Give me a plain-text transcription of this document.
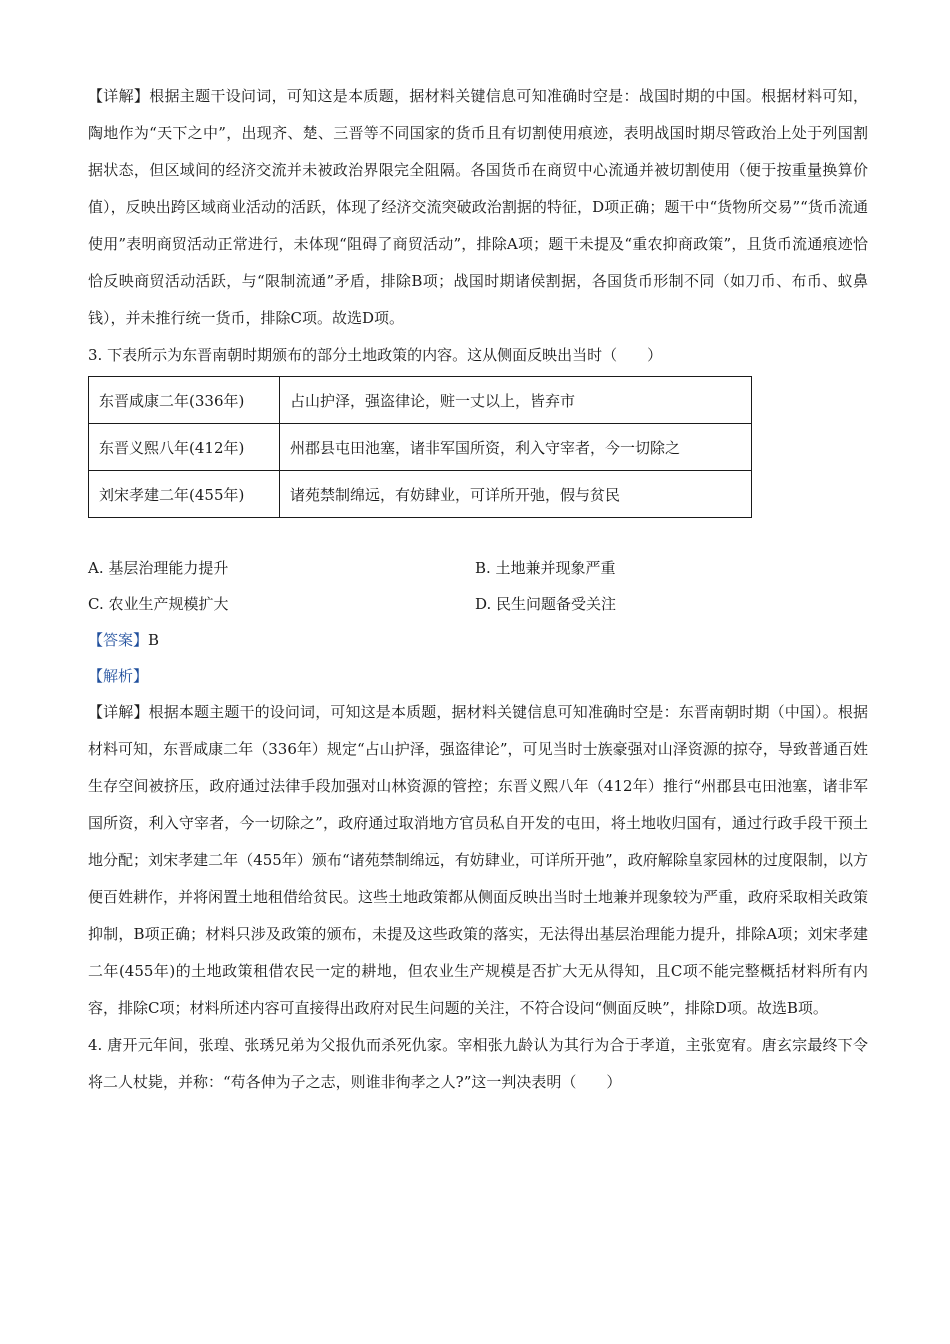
【详解】根据主题干设问词，可知这是本质题，据材料关键信息可知准确时空是：战国时期的中国。根据材料可知，陶地作为“天下之中”，出现齐、楚、三晋等不同国家的货币且有切割使用痕迹，表明战国时期尽管政治上处于列国割据状态，但区域间的经济交流并未被政治界限完全阻隔。各国货币在商贸中心流通并被切割使用（便于按重量换算价值），反映出跨区域商业活动的活跃，体现了经济交流突破政治割据的特征，D项正确；题干中“货物所交易”“货币流通使用”表明商贸活动正常进行，未体现“阻碍了商贸活动”，排除A项；题干未提及“重农抑商政策”，且货币流通痕迹恰恰反映商贸活动活跃，与“限制流通”矛盾，排除B项；战国时期诸侯割据，各国货币形制不同（如刀币、布币、蚁鼻钱），并未推行统一货币，排除C项。故选D项。

3. 下表所示为东晋南朝时期颁布的部分土地政策的内容。这从侧面反映出当时（　　）

东晋咸康二年(336年)	占山护泽，强盗律论，赃一丈以上，皆弃市
东晋义熙八年(412年)	州郡县屯田池塞，诸非军国所资，利入守宰者，今一切除之
刘宋孝建二年(455年)	诸苑禁制绵远，有妨肆业，可详所开弛，假与贫民
A. 基层治理能力提升	B. 土地兼并现象严重
C. 农业生产规模扩大	D. 民生问题备受关注

【答案】B

【解析】

【详解】根据本题主题干的设问词，可知这是本质题，据材料关键信息可知准确时空是：东晋南朝时期（中国）。根据材料可知，东晋咸康二年（336年）规定“占山护泽，强盗律论”，可见当时士族豪强对山泽资源的掠夺，导致普通百姓生存空间被挤压，政府通过法律手段加强对山林资源的管控；东晋义熙八年（412年）推行“州郡县屯田池塞，诸非军国所资，利入守宰者，今一切除之”，政府通过取消地方官员私自开发的屯田，将土地收归国有，通过行政手段干预土地分配；刘宋孝建二年（455年）颁布“诸苑禁制绵远，有妨肆业，可详所开弛”，政府解除皇家园林的过度限制，以方便百姓耕作，并将闲置土地租借给贫民。这些土地政策都从侧面反映出当时土地兼并现象较为严重，政府采取相关政策抑制，B项正确；材料只涉及政策的颁布，未提及这些政策的落实，无法得出基层治理能力提升，排除A项；刘宋孝建二年(455年)的土地政策租借农民一定的耕地，但农业生产规模是否扩大无从得知，且C项不能完整概括材料所有内容，排除C项；材料所述内容可直接得出政府对民生问题的关注，不符合设问“侧面反映”，排除D项。故选B项。

4. 唐开元年间，张瑝、张琇兄弟为父报仇而杀死仇家。宰相张九龄认为其行为合于孝道，主张宽宥。唐玄宗最终下令将二人杖毙，并称：“苟各伸为子之志，则谁非徇孝之人?”这一判决表明（　　）
